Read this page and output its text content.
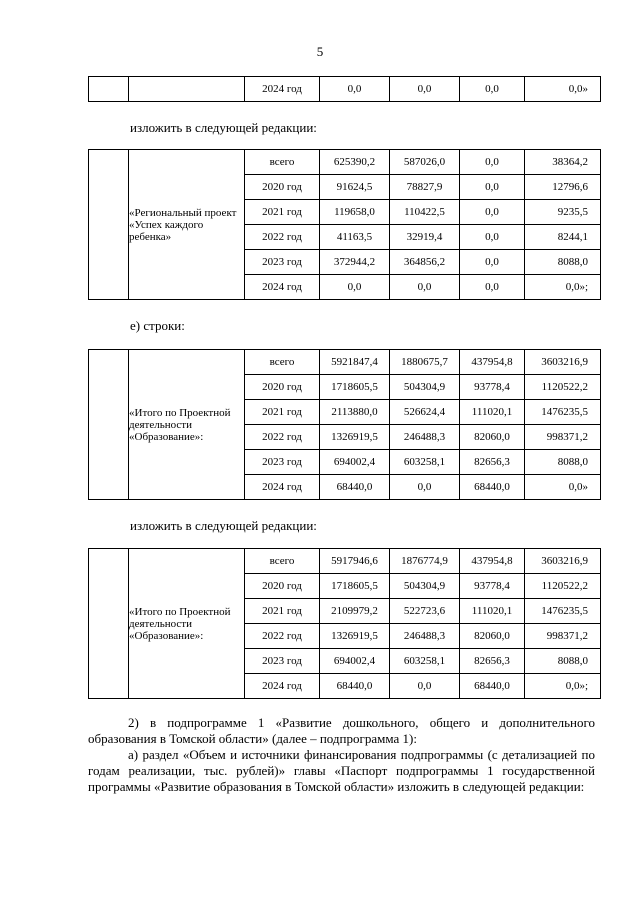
5
		2024 год	0,0	0,0	0,0	0,0»
изложить в следующей редакции:
	«Региональный проект «Успех каждого ребенка»	всего	625390,2	587026,0	0,0	38364,2
		2020 год	91624,5	78827,9	0,0	12796,6
		2021 год	119658,0	110422,5	0,0	9235,5
		2022 год	41163,5	32919,4	0,0	8244,1
		2023 год	372944,2	364856,2	0,0	8088,0
		2024 год	0,0	0,0	0,0	0,0»;
е) строки:
	«Итого по Проектной деятельности «Образование»:	всего	5921847,4	1880675,7	437954,8	3603216,9
		2020 год	1718605,5	504304,9	93778,4	1120522,2
		2021 год	2113880,0	526624,4	111020,1	1476235,5
		2022 год	1326919,5	246488,3	82060,0	998371,2
		2023 год	694002,4	603258,1	82656,3	8088,0
		2024 год	68440,0	0,0	68440,0	0,0»
изложить в следующей редакции:
	«Итого по Проектной деятельности «Образование»:	всего	5917946,6	1876774,9	437954,8	3603216,9
		2020 год	1718605,5	504304,9	93778,4	1120522,2
		2021 год	2109979,2	522723,6	111020,1	1476235,5
		2022 год	1326919,5	246488,3	82060,0	998371,2
		2023 год	694002,4	603258,1	82656,3	8088,0
		2024 год	68440,0	0,0	68440,0	0,0»;

2) в подпрограмме 1 «Развитие дошкольного, общего и дополнительного образования в Томской области» (далее – подпрограмма 1):

а) раздел «Объем и источники финансирования подпрограммы (с детализацией по годам реализации, тыс. рублей)» главы «Паспорт подпрограммы 1 государственной программы «Развитие образования в Томской области» изложить в следующей редакции:
